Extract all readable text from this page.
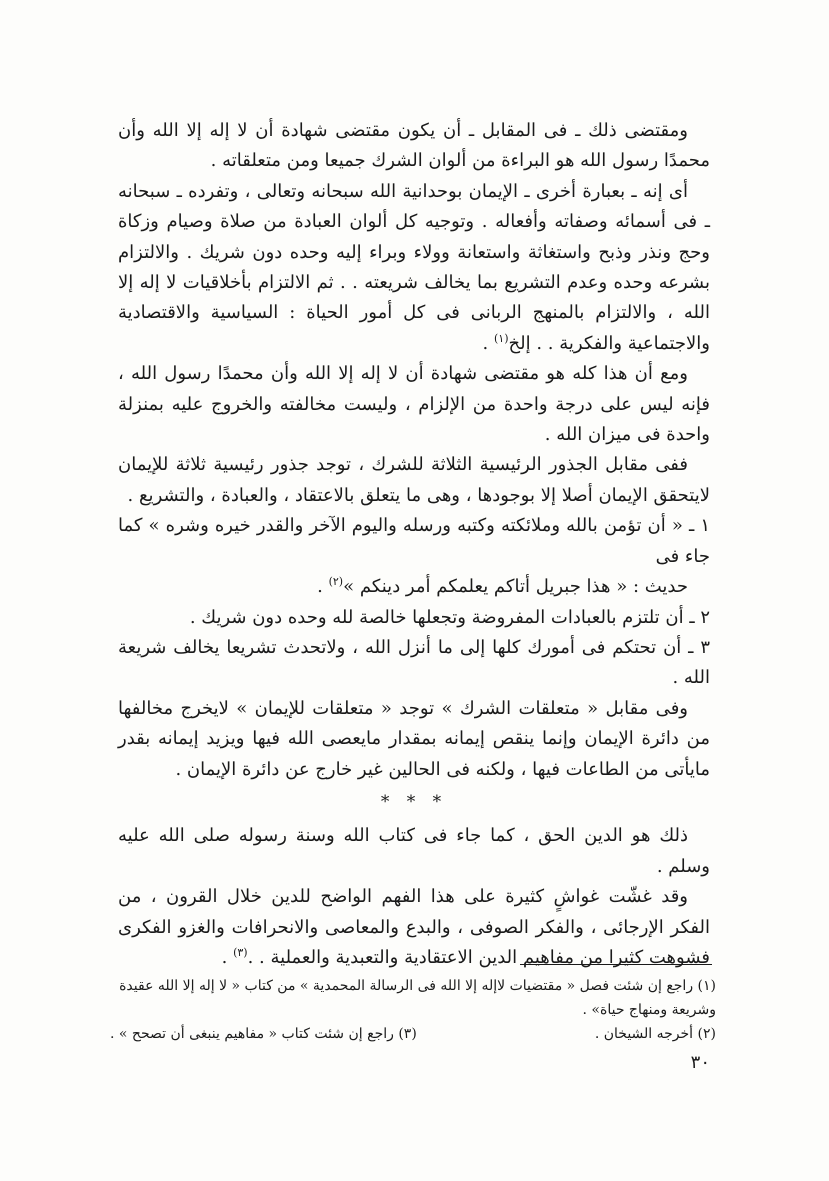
ومقتضى ذلك ـ فى المقابل ـ أن يكون مقتضى شهادة أن لا إله إلا الله وأن محمدًا رسول الله هو البراءة من ألوان الشرك جميعا ومن متعلقاته .

أى إنه ـ بعبارة أخرى ـ الإيمان بوحدانية الله سبحانه وتعالى ، وتفرده ـ سبحانه ـ فى أسمائه وصفاته وأفعاله . وتوجيه كل ألوان العبادة من صلاة وصيام وزكاة وحج ونذر وذبح واستغاثة واستعانة وولاء وبراء إليه وحده دون شريك . والالتزام بشرعه وحده وعدم التشريع بما يخالف شريعته . . ثم الالتزام بأخلاقيات لا إله إلا الله ، والالتزام بالمنهج الربانى فى كل أمور الحياة : السياسية والاقتصادية والاجتماعية والفكرية . . إلخ$^{(١)}$ .

ومع أن هذا كله هو مقتضى شهادة أن لا إله إلا الله وأن محمدًا رسول الله ، فإنه ليس على درجة واحدة من الإلزام ، وليست مخالفته والخروج عليه بمنزلة واحدة فى ميزان الله .

ففى مقابل الجذور الرئيسية الثلاثة للشرك ، توجد جذور رئيسية ثلاثة للإيمان لايتحقق الإيمان أصلا إلا بوجودها ، وهى ما يتعلق بالاعتقاد ، والعبادة ، والتشريع .

١ ـ « أن تؤمن بالله وملائكته وكتبه ورسله واليوم الآخر والقدر خيره وشره » كما جاء فى

حديث : « هذا جبريل أتاكم يعلمكم أمر دينكم »$^{(٢)}$ .

٢ ـ أن تلتزم بالعبادات المفروضة وتجعلها خالصة لله وحده دون شريك .

٣ ـ أن تحتكم فى أمورك كلها إلى ما أنزل الله ، ولاتحدث تشريعا يخالف شريعة الله .

وفى مقابل « متعلقات الشرك » توجد « متعلقات للإيمان » لايخرج مخالفها من دائرة الإيمان وإنما ينقص إيمانه بمقدار مايعصى الله فيها ويزيد إيمانه بقدر مايأتى من الطاعات فيها ، ولكنه فى الحالين غير خارج عن دائرة الإيمان .

* * *

ذلك هو الدين الحق ، كما جاء فى كتاب الله وسنة رسوله صلى الله عليه وسلم .

وقد غشّت غواشٍ كثيرة على هذا الفهم الواضح للدين خلال القرون ، من الفكر الإرجائى ، والفكر الصوفى ، والبدع والمعاصى والانحرافات والغزو الفكرى فشوهت كثيرا من مفاهيم الدين الاعتقادية والتعبدية والعملية . .$^{(٣)}$ .

(١) راجع إن شئت فصل « مقتضيات لاإله إلا الله فى الرسالة المحمدية » من كتاب « لا إله إلا الله عقيدة وشريعة ومنهاج حياة» .

(٢) أخرجه الشيخان .
(٣) راجع إن شئت كتاب « مفاهيم ينبغى أن تصحح » .
٣٠
